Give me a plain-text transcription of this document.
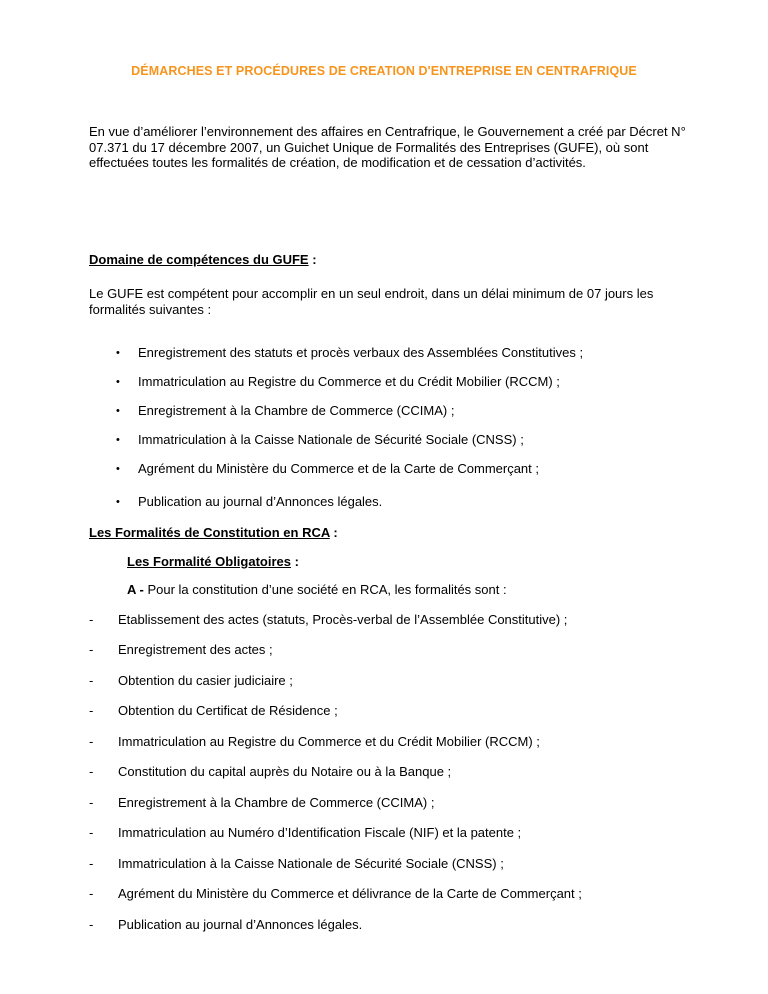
DÉMARCHES ET PROCÉDURES DE CREATION D'ENTREPRISE EN CENTRAFRIQUE
En vue d’améliorer l’environnement des affaires en Centrafrique, le Gouvernement a créé par Décret N° 07.371 du 17 décembre 2007, un Guichet Unique de Formalités des Entreprises (GUFE), où sont effectuées toutes les formalités de création, de modification et de cessation d’activités.
Domaine de compétences du GUFE :
Le GUFE est compétent pour accomplir en un seul endroit, dans un délai minimum de 07 jours les formalités suivantes :
• Enregistrement des statuts et procès verbaux des Assemblées Constitutives ;
• Immatriculation au Registre du Commerce et du Crédit Mobilier (RCCM) ;
• Enregistrement à la Chambre de Commerce (CCIMA) ;
• Immatriculation à la Caisse Nationale de Sécurité Sociale (CNSS) ;
• Agrément du Ministère du Commerce et de la Carte de Commerçant ;
• Publication au journal d’Annonces légales.
Les Formalités de Constitution en RCA :
Les Formalité Obligatoires :
A - Pour la constitution d’une société en RCA, les formalités sont :
- Etablissement des actes (statuts, Procès-verbal de l’Assemblée Constitutive) ;
- Enregistrement des actes ;
- Obtention du casier judiciaire ;
- Obtention du Certificat de Résidence ;
- Immatriculation au Registre du Commerce et du Crédit Mobilier (RCCM) ;
- Constitution du capital auprès du Notaire ou à la Banque ;
- Enregistrement à la Chambre de Commerce (CCIMA) ;
- Immatriculation au Numéro d’Identification Fiscale (NIF) et la patente ;
- Immatriculation à la Caisse Nationale de Sécurité Sociale (CNSS) ;
- Agrément du Ministère du Commerce et délivrance de la Carte de Commerçant ;
- Publication au journal d’Annonces légales.
